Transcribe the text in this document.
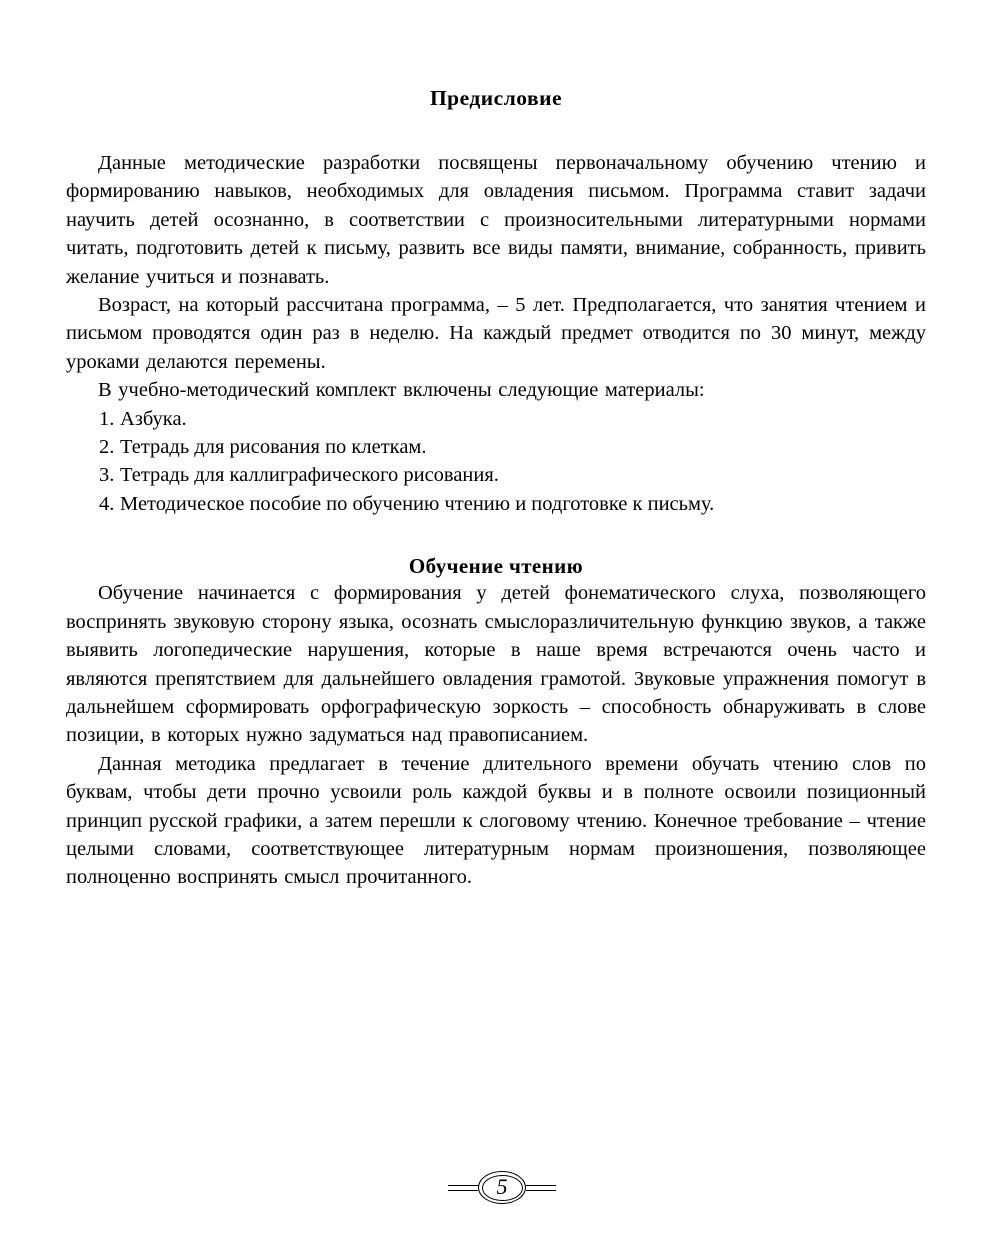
Предисловие

Данные методические разработки посвящены первоначальному обучению чтению и формированию навыков, необходимых для овладения письмом. Программа ставит задачи научить детей осознанно, в соответствии с произносительными литературными нормами читать, подготовить детей к письму, развить все виды памяти, внимание, собранность, привить желание учиться и познавать.

Возраст, на который рассчитана программа, – 5 лет. Предполагается, что занятия чтением и письмом проводятся один раз в неделю. На каждый предмет отводится по 30 минут, между уроками делаются перемены.

В учебно-методический комплект включены следующие материалы:

1. Азбука.
2. Тетрадь для рисования по клеткам.
3. Тетрадь для каллиграфического рисования.
4. Методическое пособие по обучению чтению и подготовке к письму.
Обучение чтению

Обучение начинается с формирования у детей фонематического слуха, позволяющего воспринять звуковую сторону языка, осознать смыслоразличительную функцию звуков, а также выявить логопедические нарушения, которые в наше время встречаются очень часто и являются препятствием для дальнейшего овладения грамотой. Звуковые упражнения помогут в дальнейшем сформировать орфографическую зоркость – способность обнаруживать в слове позиции, в которых нужно задуматься над правописанием.

Данная методика предлагает в течение длительного времени обучать чтению слов по буквам, чтобы дети прочно усвоили роль каждой буквы и в полноте освоили позиционный принцип русской графики, а затем перешли к слоговому чтению. Конечное требование – чтение целыми словами, соответствующее литературным нормам произношения, позволяющее полноценно воспринять смысл прочитанного.

5
